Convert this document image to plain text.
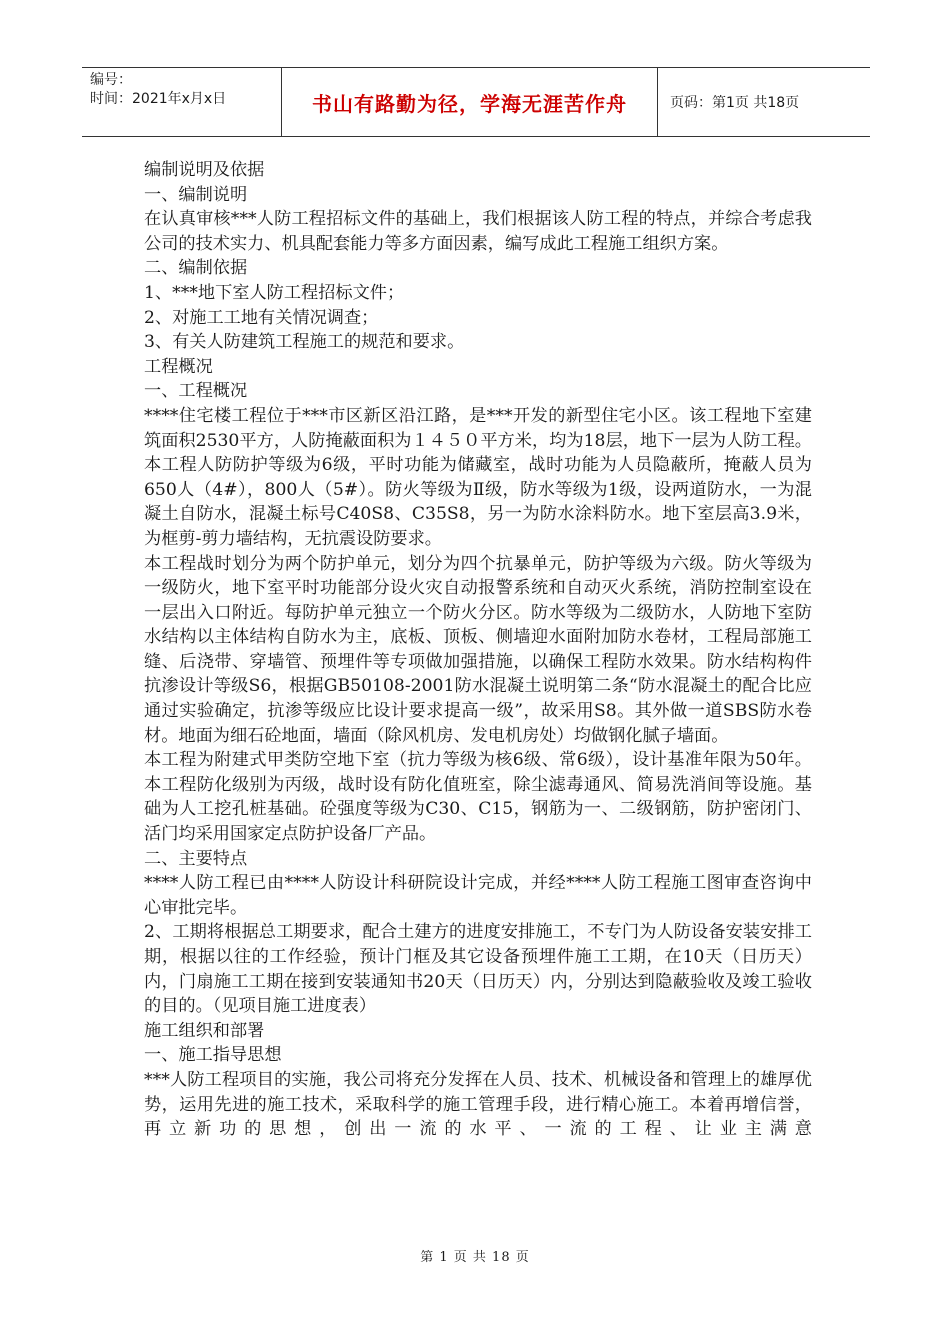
编号：
时间：2021年x月x日	书山有路勤为径，学海无涯苦作舟	页码：第1页 共18页

编制说明及依据

一、编制说明

在认真审核***人防工程招标文件的基础上，我们根据该人防工程的特点，并综合考虑我公司的技术实力、机具配套能力等多方面因素，编写成此工程施工组织方案。

二、编制依据

1、***地下室人防工程招标文件；

2、对施工工地有关情况调查；

3、有关人防建筑工程施工的规范和要求。

工程概况

一、工程概况

****住宅楼工程位于***市区新区沿江路，是***开发的新型住宅小区。该工程地下室建筑面积2530平方，人防掩蔽面积为１４５０平方米，均为18层，地下一层为人防工程。本工程人防防护等级为6级，平时功能为储藏室，战时功能为人员隐蔽所，掩蔽人员为650人（4#），800人（5#）。防火等级为Ⅱ级，防水等级为1级，设两道防水，一为混凝土自防水，混凝土标号C40S8、C35S8，另一为防水涂料防水。地下室层高3.9米，为框剪-剪力墙结构，无抗震设防要求。

本工程战时划分为两个防护单元，划分为四个抗暴单元，防护等级为六级。防火等级为一级防火，地下室平时功能部分设火灾自动报警系统和自动灭火系统，消防控制室设在一层出入口附近。每防护单元独立一个防火分区。防水等级为二级防水，人防地下室防水结构以主体结构自防水为主，底板、顶板、侧墙迎水面附加防水卷材，工程局部施工缝、后浇带、穿墙管、预埋件等专项做加强措施，以确保工程防水效果。防水结构构件抗渗设计等级S6，根据GB50108-2001防水混凝土说明第二条“防水混凝土的配合比应通过实验确定，抗渗等级应比设计要求提高一级”，故采用S8。其外做一道SBS防水卷材。地面为细石砼地面，墙面（除风机房、发电机房处）均做钢化腻子墙面。

本工程为附建式甲类防空地下室（抗力等级为核6级、常6级），设计基准年限为50年。本工程防化级别为丙级，战时设有防化值班室，除尘滤毒通风、简易洗消间等设施。基础为人工挖孔桩基础。砼强度等级为C30、C15，钢筋为一、二级钢筋，防护密闭门、活门均采用国家定点防护设备厂产品。

二、主要特点

****人防工程已由****人防设计科研院设计完成，并经****人防工程施工图审查咨询中心审批完毕。

2、工期将根据总工期要求，配合土建方的进度安排施工，不专门为人防设备安装安排工期，根据以往的工作经验，预计门框及其它设备预埋件施工工期，在10天（日历天）内，门扇施工工期在接到安装通知书20天（日历天）内，分别达到隐蔽验收及竣工验收的目的。（见项目施工进度表）

施工组织和部署

一、施工指导思想

***人防工程项目的实施，我公司将充分发挥在人员、技术、机械设备和管理上的雄厚优势，运用先进的施工技术，采取科学的施工管理手段，进行精心施工。本着再增信誉，再立新功的思想，创出一流的水平、一流的工程、让业主满意

第 1 页 共 18 页
